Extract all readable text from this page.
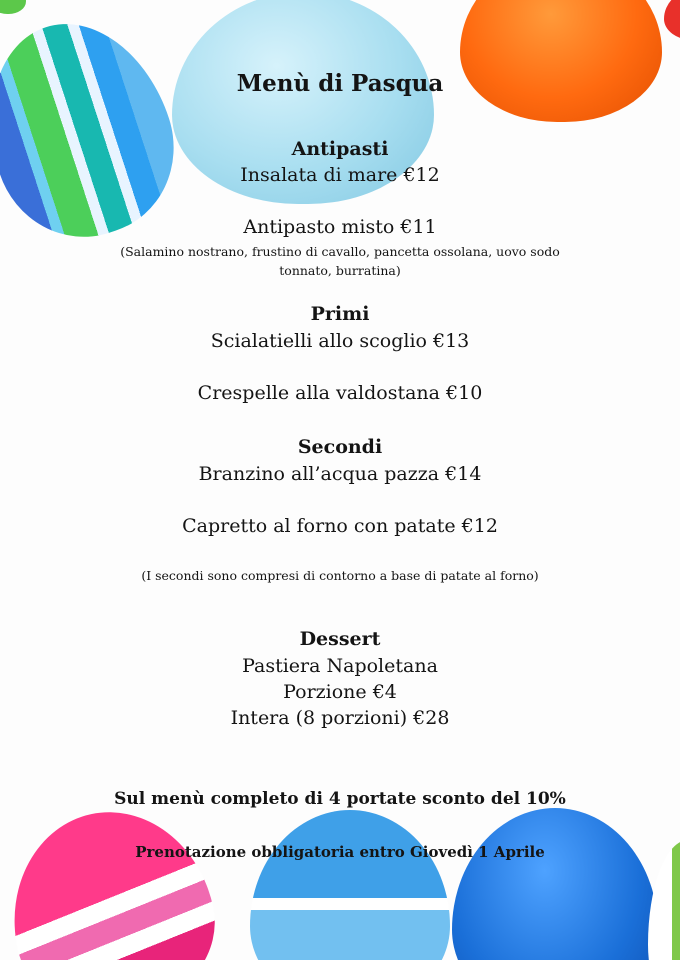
Menù di Pasqua
Antipasti
Insalata di mare €12
Antipasto misto €11
(Salamino nostrano, frustino di cavallo, pancetta ossolana, uovo sodo
tonnato, burratina)
Primi
Scialatielli allo scoglio €13
Crespelle alla valdostana €10
Secondi
Branzino all’acqua pazza €14
Capretto al forno con patate €12
(I secondi sono compresi di contorno a base di patate al forno)
Dessert
Pastiera Napoletana
Porzione €4
Intera (8 porzioni) €28
Sul menù completo di 4 portate sconto del 10%
Prenotazione obbligatoria entro Giovedì 1 Aprile
